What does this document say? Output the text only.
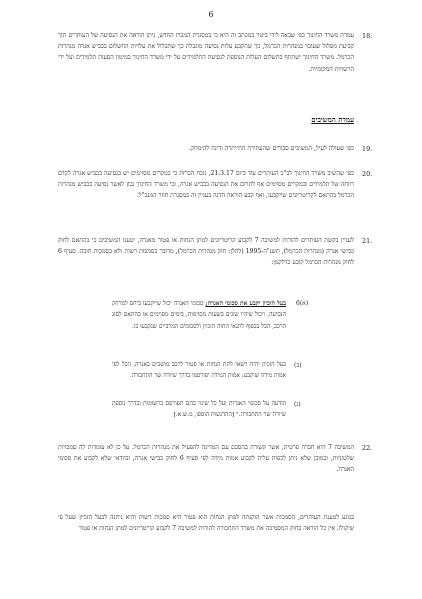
6
18.
עמדת משרד החינוך כפי שבאה לידי ביטוי במכתב זה היא כי במסגרת המכרז החדש, ניתן הוראה את הנסיעה של העותרים תוך קביעת מסלול שעובר במנהרות הכרמל, כך שהקבע עלות נסיעה מוגבלת כך שתכלול את עלויות החשלום בכביש אגרה מנהרות הכרמל. משרד החינוך ישתתף בתשלום העלות הנוספת לנסיעת התלמידים על ידי משרד החינוך במימון הסעות תלמידים ועל ידי הרשויות המקומיות.
עמדת המשיבים
19.
כפי שעולה לעיל, המשיבים סבורים שהעתירה התייתרה ודינה להימחק.
20.
כפי שהשיב משרד החינוך לב"כ העותרים עוד ביום 21.3.17, נוכח הכרזת כי במקרים מסוימים יש בנסיעה בכביש אגרה לקדם רווחה של תלמידים ובמקרים מסוימים אף לתרום את הנסיעה בכביש אגרה, וכי משרד החינוך נכון לאשר נסיעה בכביש מנהרות הכרמל בהתאם לקריטריונים שייקבעו, ואף קבע הוראה הדנה בעניין זה במסגרת חוזר המנכ"ל.
21.
לעניין בקשת העותרים להורות למשיבה 7 לקבוע קריטריונים למתן הנחות או פטור מאגרה, יטענו המשיבים כי בהתאם לחוק כבישי אגרה (מנהרות הכרמל), תשנ"ה-1995 (להלן: חוק מנהרות הכרמל), מדובר בסמכות רשות ולא בסמכות חובה. סעיף 6 לחוק מנהרות הכרמל קובע כדלקמן:
6(א)
בעל הזכיון יקבע את סכומי האגרה; סכומי האגרה יכול שייקבעו ביחס למרחק הנסיעה, ויכול שיהיו שונים בשעות מסוימות, בימים מסוימים או בהתאם לסוג הרכב, הכל בכפוף לתנאי החזה הזכיון ולסכומים המרביים שנקבעו בו.
(ב)
בעל הזכיון יהיה רשאי לתת הנחות או פטור לרכב מושבים באגרה, הכל לפי אמות מידה שיקבע; אמות המידה יפורסמו בדרך שיורה שר התחבורה.
(ג)
הודעה על סכומי האגרות ועל כל שינוי בהם תפורסם ברשומות ובדרך נוספת שיורה שר התחבורה." [ההדגשות הוספו, מ.ש.א.]
22.
המשיבה 7 היא חברה פרטית, אשר קשורה בהסכם עם המדינה להפעיל את מנהרות הכרמל. על כן לא עומדות לה סמכויות שלטוניות, וכמובן שלא ניתן לכפות עליה לקבוע אמות מידה לפי סעיף 6 לחוק כבישי אגרה, ובוודאי שלא לקבוע את סכומי האגרה.
בנוגע לטענת העותרים, הסמכות אשר הוקנתה למתן הנחות הוא פטור היא סמכות רשות והיא ניתנה לבעל הזכיון שעל פי שיקולו. אין כל הוראה בחוק המסמיכה את משרד התחבורה להורות למשיבה 7 לקבוע קריטריונים למתן הנחות או פטור
